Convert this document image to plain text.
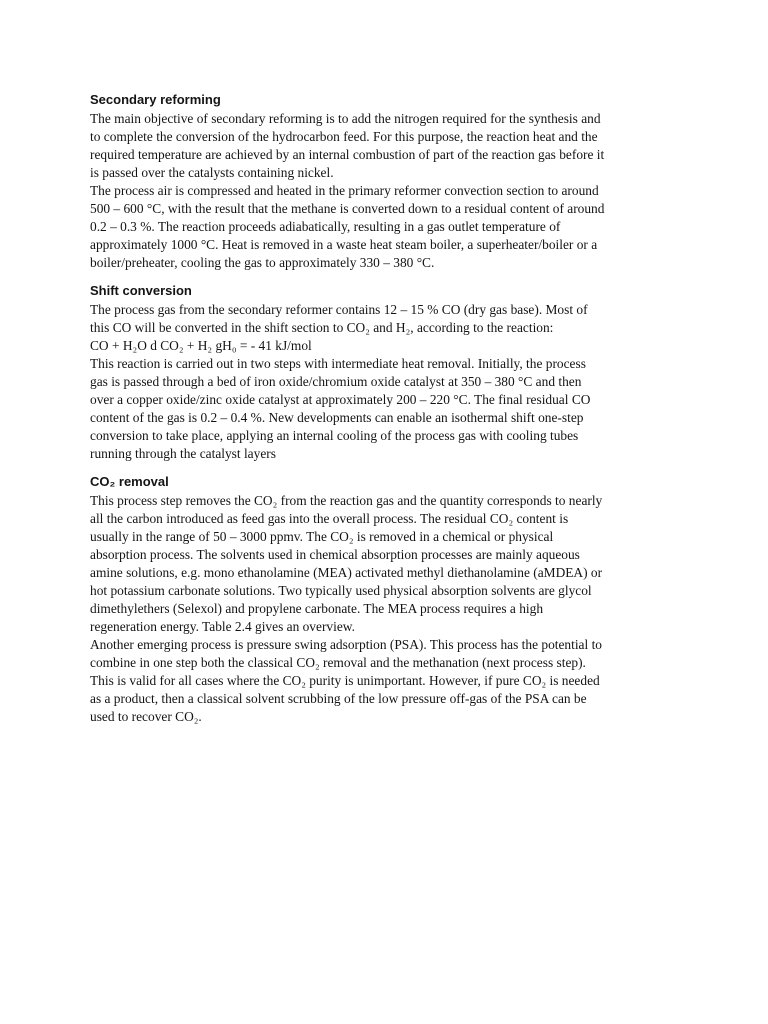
Secondary reforming

The main objective of secondary reforming is to add the nitrogen required for the synthesis and
to complete the conversion of the hydrocarbon feed. For this purpose, the reaction heat and the
required temperature are achieved by an internal combustion of part of the reaction gas before it
is passed over the catalysts containing nickel.

The process air is compressed and heated in the primary reformer convection section to around
500 – 600 °C, with the result that the methane is converted down to a residual content of around
0.2 – 0.3 %. The reaction proceeds adiabatically, resulting in a gas outlet temperature of
approximately 1000 °C. Heat is removed in a waste heat steam boiler, a superheater/boiler or a
boiler/preheater, cooling the gas to approximately 330 – 380 °C.

Shift conversion

The process gas from the secondary reformer contains 12 – 15 % CO (dry gas base). Most of
this CO will be converted in the shift section to CO₂ and H₂, according to the reaction:
CO + H₂O d CO₂ + H₂ gH₀ = - 41 kJ/mol

This reaction is carried out in two steps with intermediate heat removal. Initially, the process
gas is passed through a bed of iron oxide/chromium oxide catalyst at 350 – 380 °C and then
over a copper oxide/zinc oxide catalyst at approximately 200 – 220 °C. The final residual CO
content of the gas is 0.2 – 0.4 %. New developments can enable an isothermal shift one-step
conversion to take place, applying an internal cooling of the process gas with cooling tubes
running through the catalyst layers

CO₂ removal

This process step removes the CO₂ from the reaction gas and the quantity corresponds to nearly
all the carbon introduced as feed gas into the overall process. The residual CO₂ content is
usually in the range of 50 – 3000 ppmv. The CO₂ is removed in a chemical or physical
absorption process. The solvents used in chemical absorption processes are mainly aqueous
amine solutions, e.g. mono ethanolamine (MEA) activated methyl diethanolamine (aMDEA) or
hot potassium carbonate solutions. Two typically used physical absorption solvents are glycol
dimethylethers (Selexol) and propylene carbonate. The MEA process requires a high
regeneration energy. Table 2.4 gives an overview.

Another emerging process is pressure swing adsorption (PSA). This process has the potential to
combine in one step both the classical CO₂ removal and the methanation (next process step).
This is valid for all cases where the CO₂ purity is unimportant. However, if pure CO₂ is needed
as a product, then a classical solvent scrubbing of the low pressure off-gas of the PSA can be
used to recover CO₂.
